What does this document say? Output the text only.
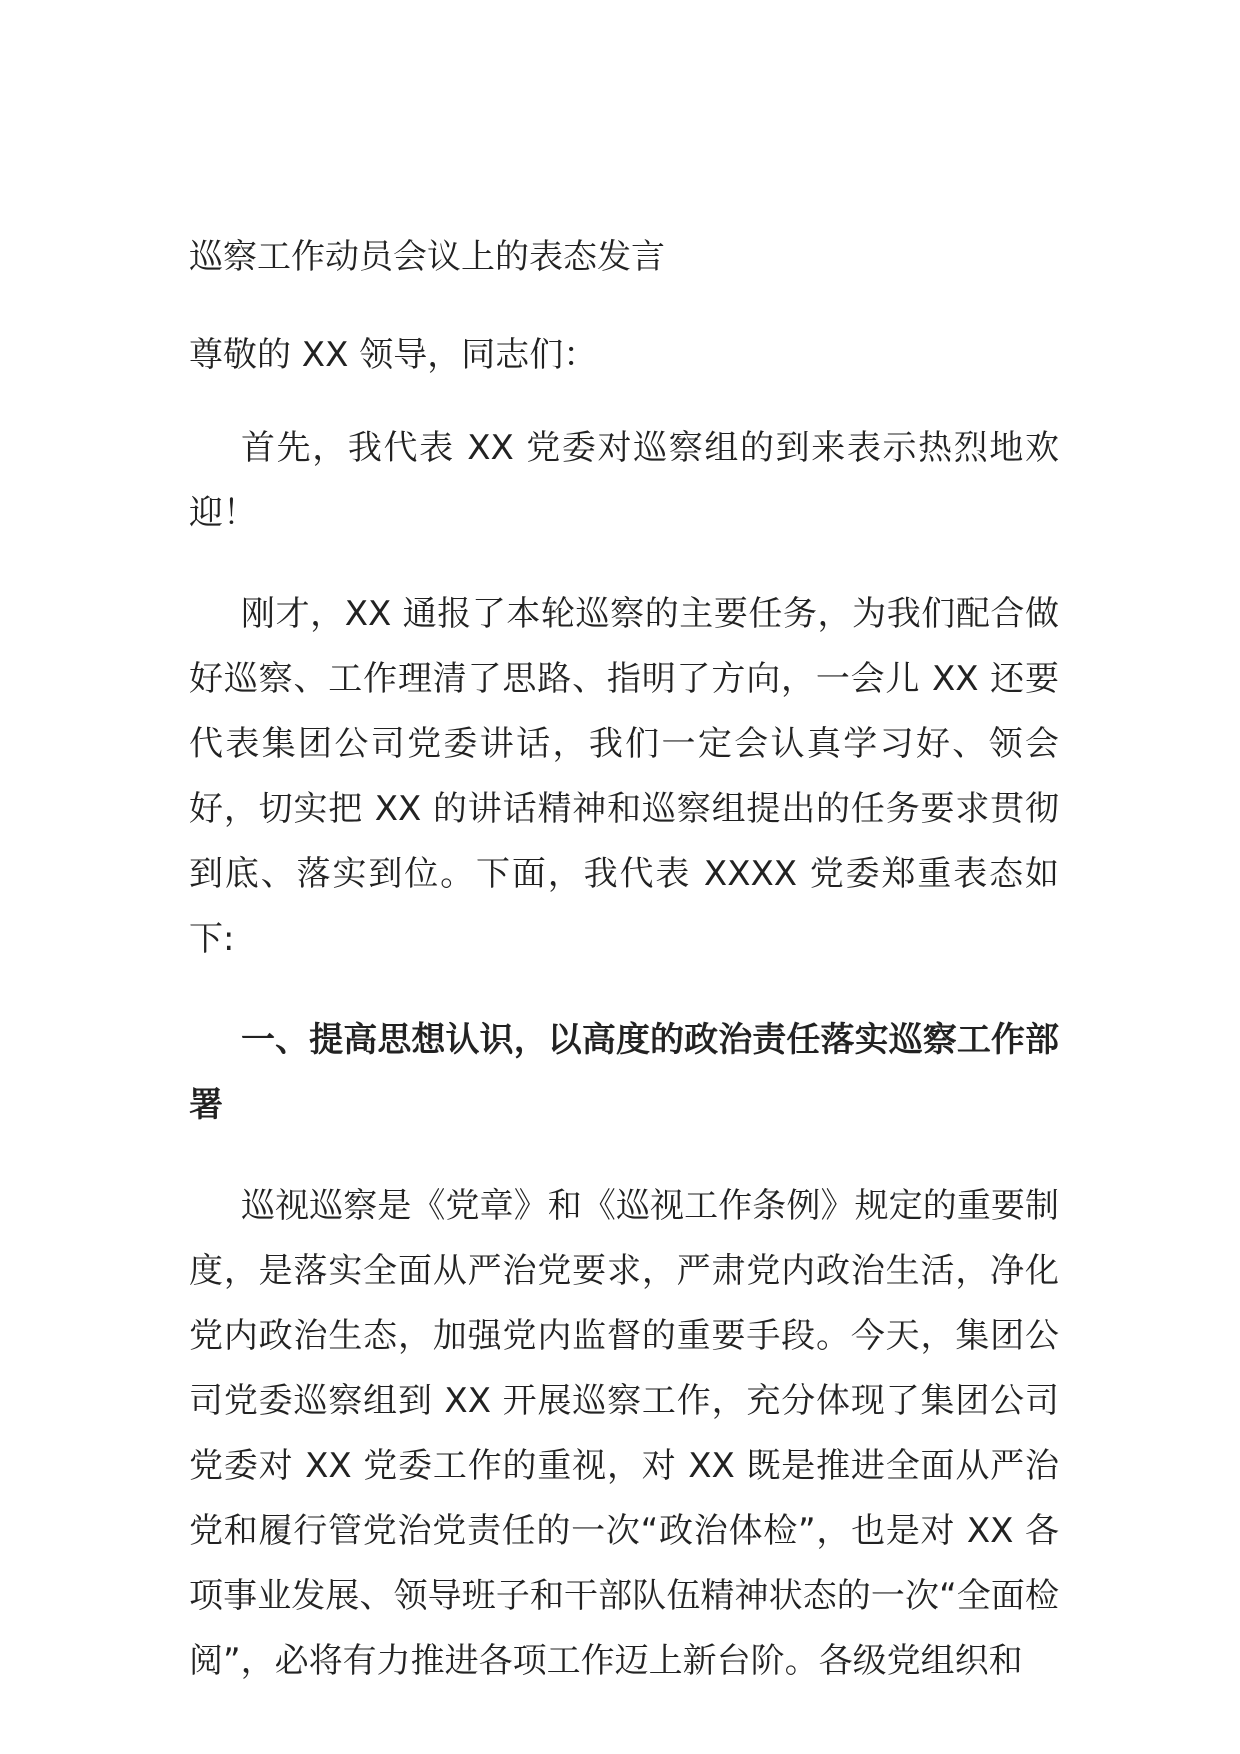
巡察工作动员会议上的表态发言

尊敬的 XX 领导，同志们：

首先，我代表 XX 党委对巡察组的到来表示热烈地欢迎！

刚才，XX 通报了本轮巡察的主要任务，为我们配合做好巡察、工作理清了思路、指明了方向，一会儿 XX 还要代表集团公司党委讲话，我们一定会认真学习好、领会好，切实把 XX 的讲话精神和巡察组提出的任务要求贯彻到底、落实到位。下面，我代表 XXXX 党委郑重表态如下:

一、提高思想认识，以高度的政治责任落实巡察工作部署

巡视巡察是《党章》和《巡视工作条例》规定的重要制度，是落实全面从严治党要求，严肃党内政治生活，净化党内政治生态，加强党内监督的重要手段。今天，集团公司党委巡察组到 XX 开展巡察工作，充分体现了集团公司党委对 XX 党委工作的重视，对 XX 既是推进全面从严治党和履行管党治党责任的一次“政治体检”，也是对 XX 各项事业发展、领导班子和干部队伍精神状态的一次“全面检阅”，必将有力推进各项工作迈上新台阶。各级党组织和
